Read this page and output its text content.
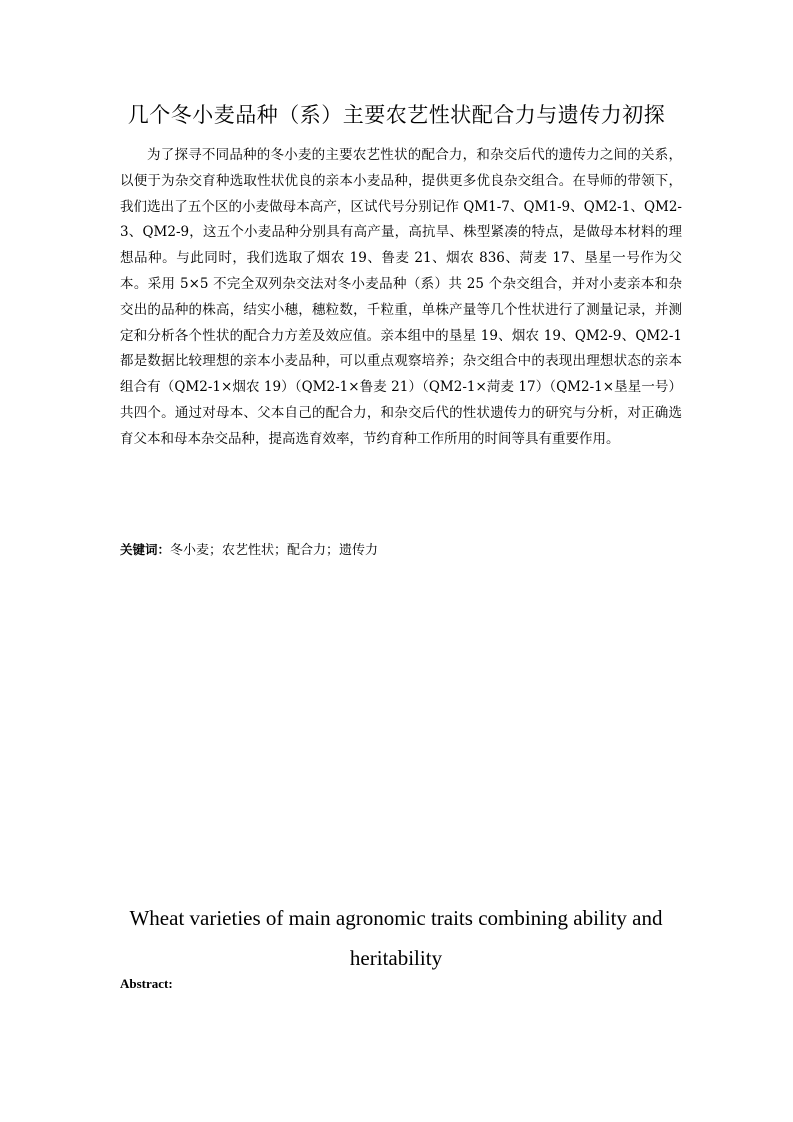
几个冬小麦品种（系）主要农艺性状配合力与遗传力初探

为了探寻不同品种的冬小麦的主要农艺性状的配合力，和杂交后代的遗传力之间的关系，以便于为杂交育种选取性状优良的亲本小麦品种，提供更多优良杂交组合。在导师的带领下，我们选出了五个区的小麦做母本高产，区试代号分别记作 QM1-7、QM1-9、QM2-1、QM2-3、QM2-9，这五个小麦品种分别具有高产量，高抗旱、株型紧凑的特点，是做母本材料的理想品种。与此同时，我们选取了烟农 19、鲁麦 21、烟农 836、菏麦 17、垦星一号作为父本。采用 5×5 不完全双列杂交法对冬小麦品种（系）共 25 个杂交组合，并对小麦亲本和杂交出的品种的株高，结实小穗，穗粒数，千粒重，单株产量等几个性状进行了测量记录，并测定和分析各个性状的配合力方差及效应值。亲本组中的垦星 19、烟农 19、QM2-9、QM2-1 都是数据比较理想的亲本小麦品种，可以重点观察培养；杂交组合中的表现出理想状态的亲本组合有（QM2-1×烟农 19）（QM2-1×鲁麦 21）（QM2-1×菏麦 17）（QM2-1×垦星一号）共四个。通过对母本、父本自己的配合力，和杂交后代的性状遗传力的研究与分析，对正确选育父本和母本杂交品种，提高选育效率，节约育种工作所用的时间等具有重要作用。

关键词：冬小麦；农艺性状；配合力；遗传力
Wheat varieties of main agronomic traits combining ability and heritability
Abstract:
